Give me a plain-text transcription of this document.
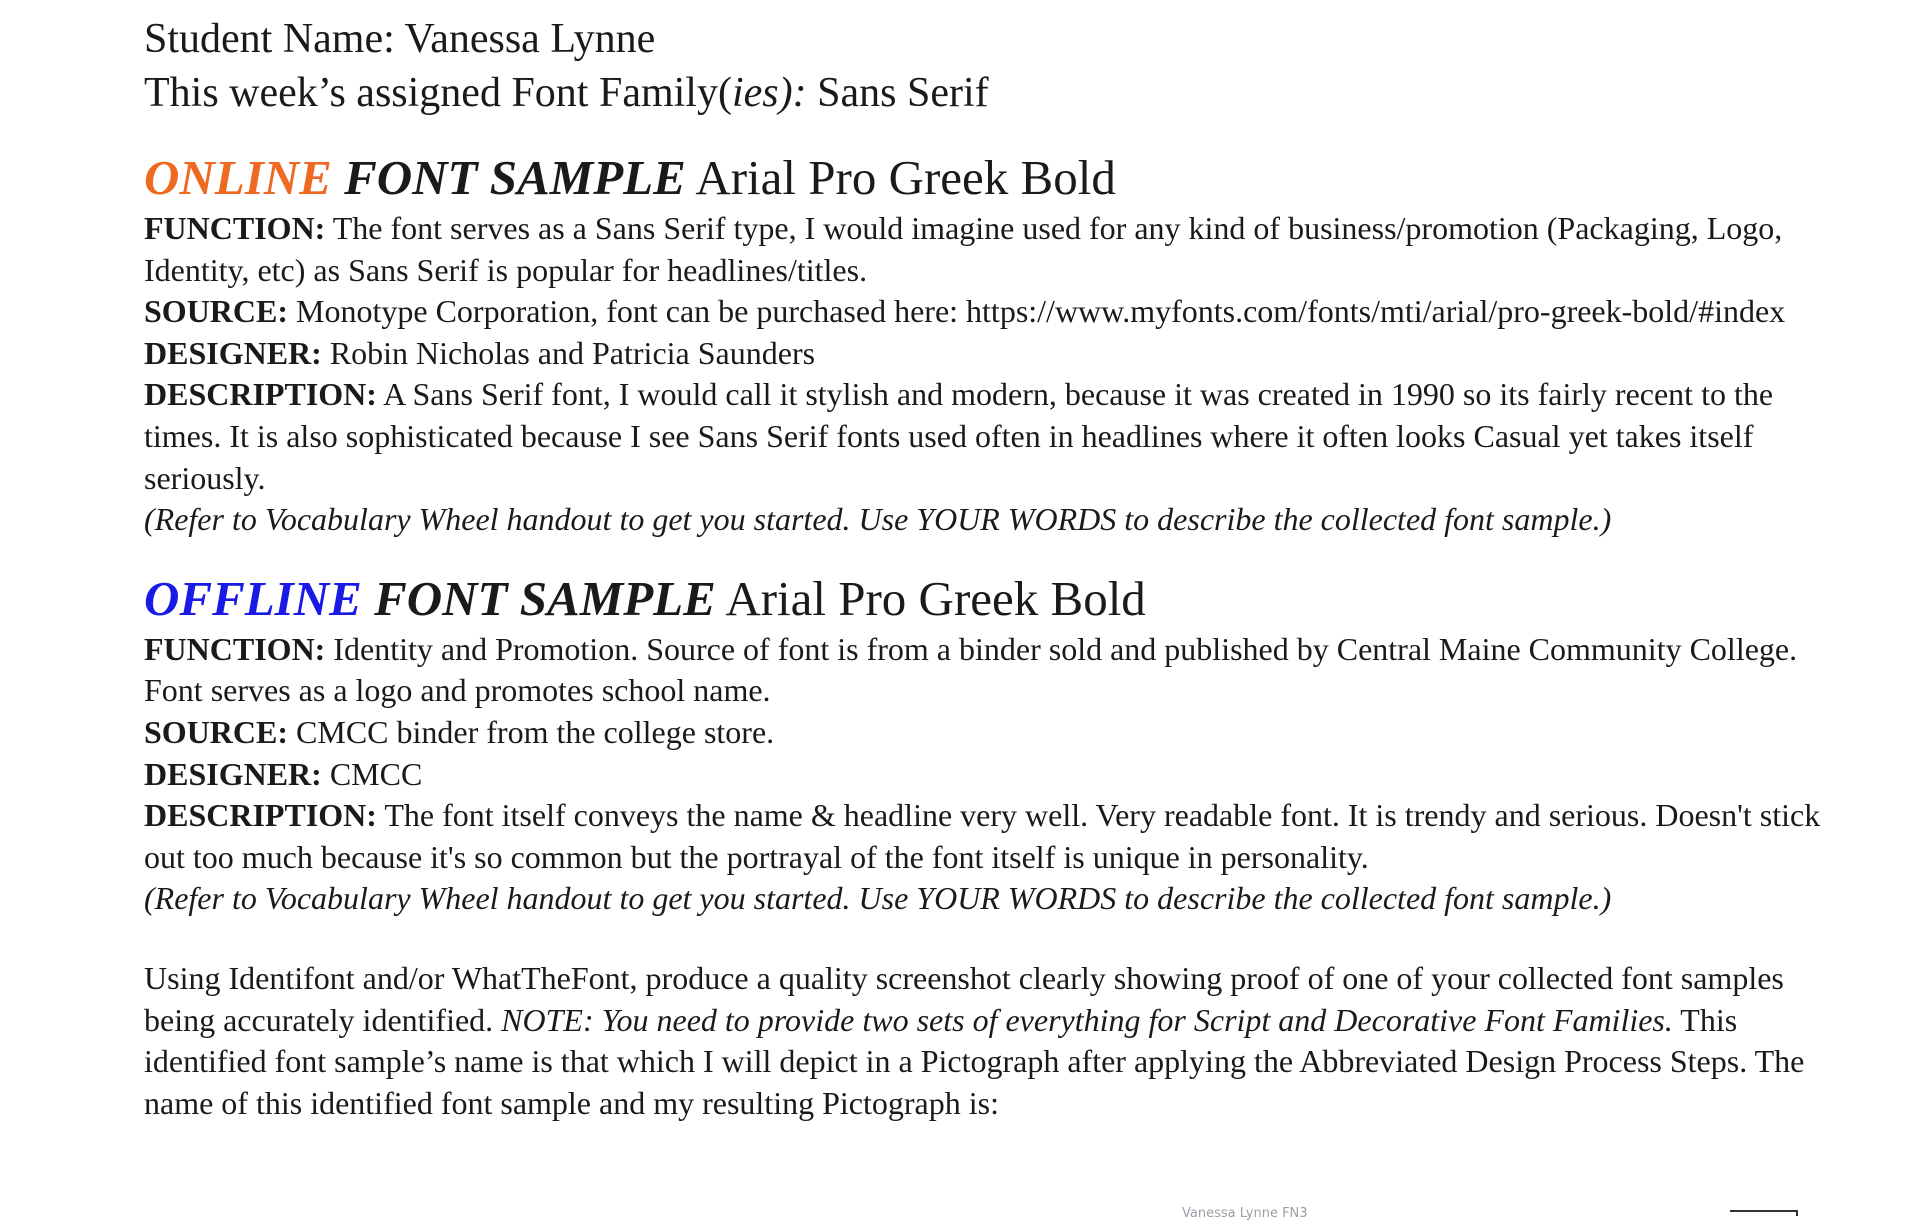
Student Name: Vanessa Lynne

This week’s assigned Font Family(ies): Sans Serif

ONLINE FONT SAMPLE Arial Pro Greek Bold

FUNCTION: The font serves as a Sans Serif type, I would imagine used for any kind of business/promotion (Packaging, Logo, Identity, etc) as Sans Serif is popular for headlines/titles.

SOURCE: Monotype Corporation, font can be purchased here: https://www.myfonts.com/fonts/mti/arial/pro-greek-bold/#index

DESIGNER: Robin Nicholas and Patricia Saunders

DESCRIPTION: A Sans Serif font, I would call it stylish and modern, because it was created in 1990 so its fairly recent to the times. It is also sophisticated because I see Sans Serif fonts used often in headlines where it often looks Casual yet takes itself seriously.

(Refer to Vocabulary Wheel handout to get you started. Use YOUR WORDS to describe the collected font sample.)

OFFLINE FONT SAMPLE Arial Pro Greek Bold

FUNCTION: Identity and Promotion. Source of font is from a binder sold and published by Central Maine Community College. Font serves as a logo and promotes school name.

SOURCE: CMCC binder from the college store.

DESIGNER: CMCC

DESCRIPTION: The font itself conveys the name & headline very well. Very readable font. It is trendy and serious. Doesn't stick out too much because it's so common but the portrayal of the font itself is unique in personality.

(Refer to Vocabulary Wheel handout to get you started. Use YOUR WORDS to describe the collected font sample.)

Using Identifont and/or WhatTheFont, produce a quality screenshot clearly showing proof of one of your collected font samples being accurately identified. NOTE: You need to provide two sets of everything for Script and Decorative Font Families. This identified font sample’s name is that which I will depict in a Pictograph after applying the Abbreviated Design Process Steps. The name of this identified font sample and my resulting Pictograph is:

Vanessa Lynne FN3
